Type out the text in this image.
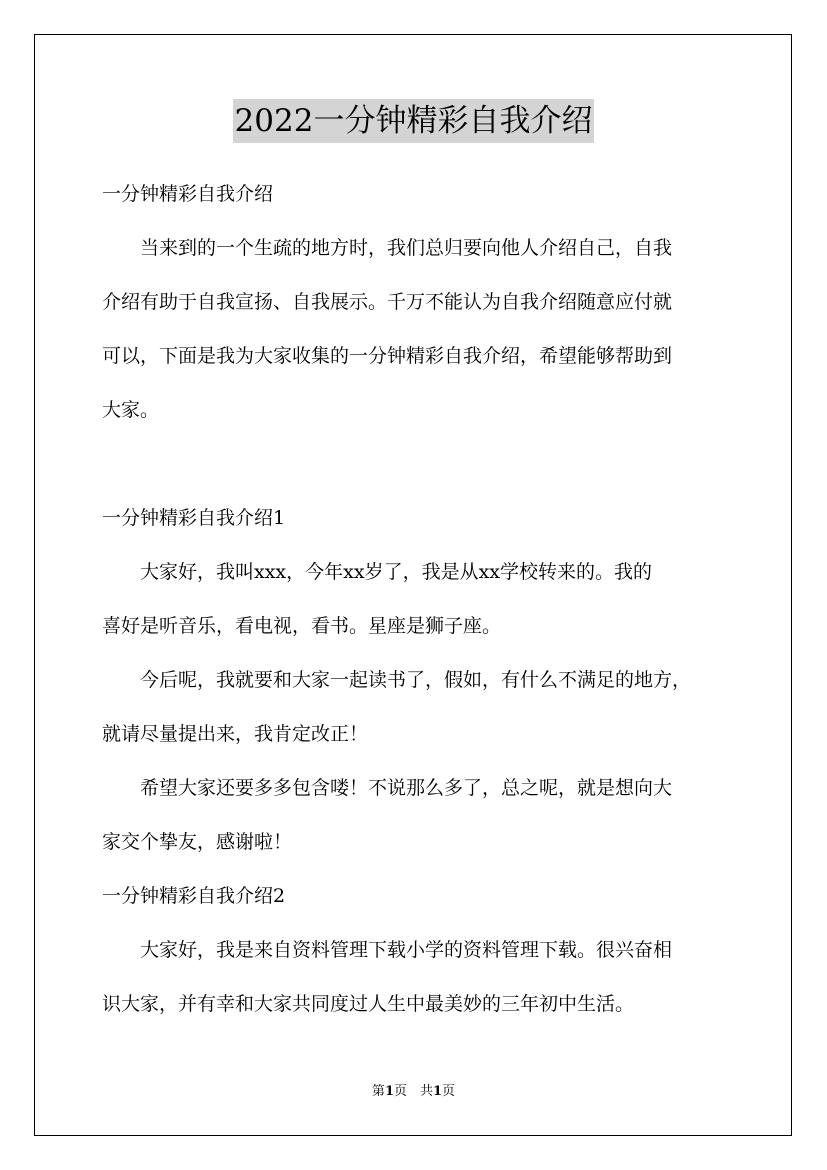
2022一分钟精彩自我介绍
一分钟精彩自我介绍
　　当来到的一个生疏的地方时，我们总归要向他人介绍自己，自我
介绍有助于自我宣扬、自我展示。千万不能认为自我介绍随意应付就
可以，下面是我为大家收集的一分钟精彩自我介绍，希望能够帮助到
大家。
一分钟精彩自我介绍1
　　大家好，我叫xxx，今年xx岁了，我是从xx学校转来的。我的
喜好是听音乐，看电视，看书。星座是狮子座。
　　今后呢，我就要和大家一起读书了，假如，有什么不满足的地方，
就请尽量提出来，我肯定改正！
　　希望大家还要多多包含喽！不说那么多了，总之呢，就是想向大
家交个挚友，感谢啦！
一分钟精彩自我介绍2
　　大家好，我是来自资料管理下载小学的资料管理下载。很兴奋相
识大家，并有幸和大家共同度过人生中最美妙的三年初中生活。
第1页　共1页
